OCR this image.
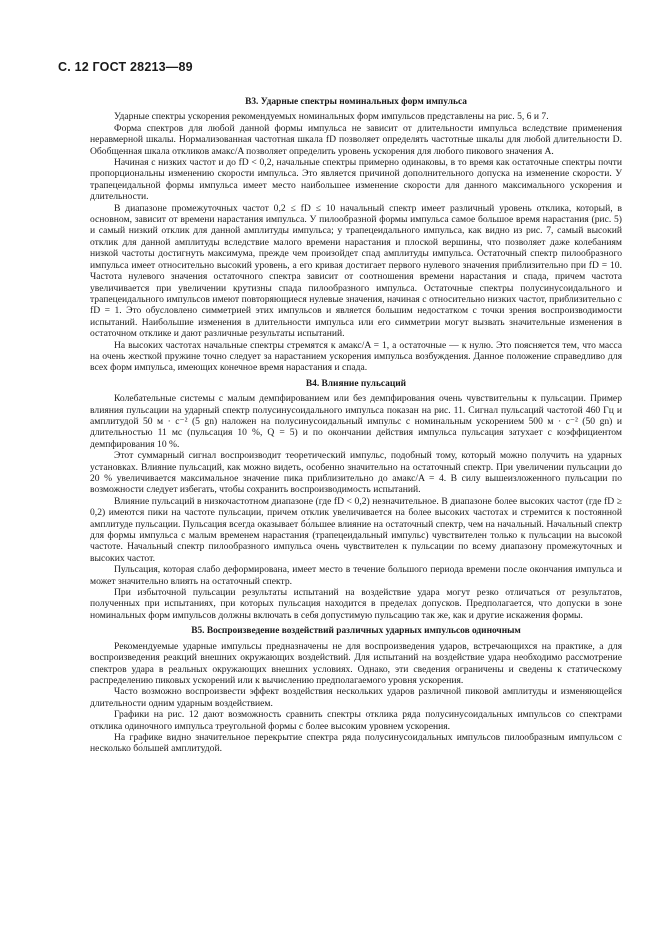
С. 12 ГОСТ 28213—89
В3. Ударные спектры номинальных форм импульса

Ударные спектры ускорения рекомендуемых номинальных форм импульсов представлены на рис. 5, 6 и 7.

Форма спектров для любой данной формы импульса не зависит от длительности импульса вследствие применения неравмерной шкалы. Нормализованная частотная шкала fD позволяет определять частотные шкалы для любой длительности D. Обобщенная шкала откликов aмакс/A позволяет определить уровень ускорения для любого пикового значения A.

Начиная с низких частот и до fD < 0,2, начальные спектры примерно одинаковы, в то время как остаточные спектры почти пропорциональны изменению скорости импульса. Это является причиной дополнительного допуска на изменение скорости. У трапецеидальной формы импульса имеет место наибольшее изменение скорости для данного максимального ускорения и длительности.

В диапазоне промежуточных частот 0,2 ≤ fD ≤ 10 начальный спектр имеет различный уровень отклика, который, в основном, зависит от времени нарастания импульса. У пилообразной формы импульса самое большое время нарастания (рис. 5) и самый низкий отклик для данной амплитуды импульса; у трапецеидального импульса, как видно из рис. 7, самый высокий отклик для данной амплитуды вследствие малого времени нарастания и плоской вершины, что позволяет даже колебаниям низкой частоты достигнуть максимума, прежде чем произойдет спад амплитуды импульса. Остаточный спектр пилообразного импульса имеет относительно высокий уровень, а его кривая достигает первого нулевого значения приблизительно при fD = 10. Частота нулевого значения остаточного спектра зависит от соотношения времени нарастания и спада, причем частота увеличивается при увеличении крутизны спада пилообразного импульса. Остаточные спектры полусинусоидального и трапецеидального импульсов имеют повторяющиеся нулевые значения, начиная с относительно низких частот, приблизительно с fD = 1. Это обусловлено симметрией этих импульсов и является большим недостатком с точки зрения воспроизводимости испытаний. Наибольшие изменения в длительности импульса или его симметрии могут вызвать значительные изменения в остаточном отклике и дают различные результаты испытаний.

На высоких частотах начальные спектры стремятся к aмакс/A = 1, а остаточные — к нулю. Это поясняется тем, что масса на очень жесткой пружине точно следует за нарастанием ускорения импульса возбуждения. Данное положение справедливо для всех форм импульса, имеющих конечное время нарастания и спада.

В4. Влияние пульсаций

Колебательные системы с малым демпфированием или без демпфирования очень чувствительны к пульсации. Пример влияния пульсации на ударный спектр полусинусоидального импульса показан на рис. 11. Сигнал пульсаций частотой 460 Гц и амплитудой 50 м · с⁻² (5 gn) наложен на полусинусоидальный импульс с номинальным ускорением 500 м · с⁻² (50 gn) и длительностью 11 мс (пульсация 10 %, Q = 5) и по окончании действия импульса пульсация затухает с коэффициентом демпфирования 10 %.

Этот суммарный сигнал воспроизводит теоретический импульс, подобный тому, который можно получить на ударных установках. Влияние пульсаций, как можно видеть, особенно значительно на остаточный спектр. При увеличении пульсации до 20 % увеличивается максимальное значение пика приблизительно до aмакс/A = 4. В силу вышеизложенного пульсации по возможности следует избегать, чтобы сохранить воспроизводимость испытаний.

Влияние пульсаций в низкочастотном диапазоне (где fD < 0,2) незначительное. В диапазоне более высоких частот (где fD ≥ 0,2) имеются пики на частоте пульсации, причем отклик увеличивается на более высоких частотах и стремится к постоянной амплитуде пульсации. Пульсация всегда оказывает бо́льшее влияние на остаточный спектр, чем на начальный. Начальный спектр для формы импульса с малым временем нарастания (трапецеидальный импульс) чувствителен только к пульсации на высокой частоте. Начальный спектр пилообразного импульса очень чувствителен к пульсации по всему диапазону промежуточных и высоких частот.

Пульсация, которая слабо деформирована, имеет место в течение большого периода времени после окончания импульса и может значительно влиять на остаточный спектр.

При избыточной пульсации результаты испытаний на воздействие удара могут резко отличаться от результатов, полученных при испытаниях, при которых пульсация находится в пределах допусков. Предполагается, что допуски в зоне номинальных форм импульсов должны включать в себя допустимую пульсацию так же, как и другие искажения формы.

В5. Воспроизведение воздействий различных ударных импульсов одиночным

Рекомендуемые ударные импульсы предназначены не для воспроизведения ударов, встречающихся на практике, а для воспроизведения реакций внешних окружающих воздействий. Для испытаний на воздействие удара необходимо рассмотрение спектров удара в реальных окружающих внешних условиях. Однако, эти сведения ограничены и сведены к статическому распределению пиковых ускорений или к вычислению предполагаемого уровня ускорения.

Часто возможно воспроизвести эффект воздействия нескольких ударов различной пиковой амплитуды и изменяющейся длительности одним ударным воздействием.

Графики на рис. 12 дают возможность сравнить спектры отклика ряда полусинусоидальных импульсов со спектрами отклика одиночного импульса треугольной формы с более высоким уровнем ускорения.

На графике видно значительное перекрытие спектра ряда полусинусоидальных импульсов пилообразным импульсом с несколько бо́льшей амплитудой.
